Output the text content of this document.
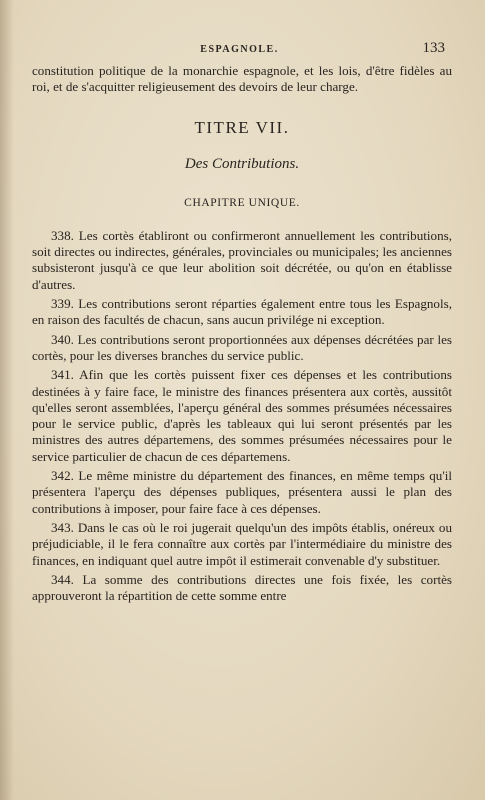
ESPAGNOLE.	133

constitution politique de la monarchie espagnole, et les lois, d'être fidèles au roi, et de s'acquitter religieusement des devoirs de leur charge.

TITRE VII.

Des Contributions.

CHAPITRE UNIQUE.

338. Les cortès établiront ou confirmeront annuellement les contributions, soit directes ou indirectes, générales, provinciales ou municipales; les anciennes subsisteront jusqu'à ce que leur abolition soit décrétée, ou qu'on en établisse d'autres.

339. Les contributions seront réparties également entre tous les Espagnols, en raison des facultés de chacun, sans aucun privilége ni exception.

340. Les contributions seront proportionnées aux dépenses décrétées par les cortès, pour les diverses branches du service public.

341. Afin que les cortès puissent fixer ces dépenses et les contributions destinées à y faire face, le ministre des finances présentera aux cortès, aussitôt qu'elles seront assemblées, l'aperçu général des sommes présumées nécessaires pour le service public, d'après les tableaux qui lui seront présentés par les ministres des autres départemens, des sommes présumées nécessaires pour le service particulier de chacun de ces départemens.

342. Le même ministre du département des finances, en même temps qu'il présentera l'aperçu des dépenses publiques, présentera aussi le plan des contributions à imposer, pour faire face à ces dépenses.

343. Dans le cas où le roi jugerait quelqu'un des impôts établis, onéreux ou préjudiciable, il le fera connaître aux cortès par l'intermédiaire du ministre des finances, en indiquant quel autre impôt il estimerait convenable d'y substituer.

344. La somme des contributions directes une fois fixée, les cortès approuveront la répartition de cette somme entre
